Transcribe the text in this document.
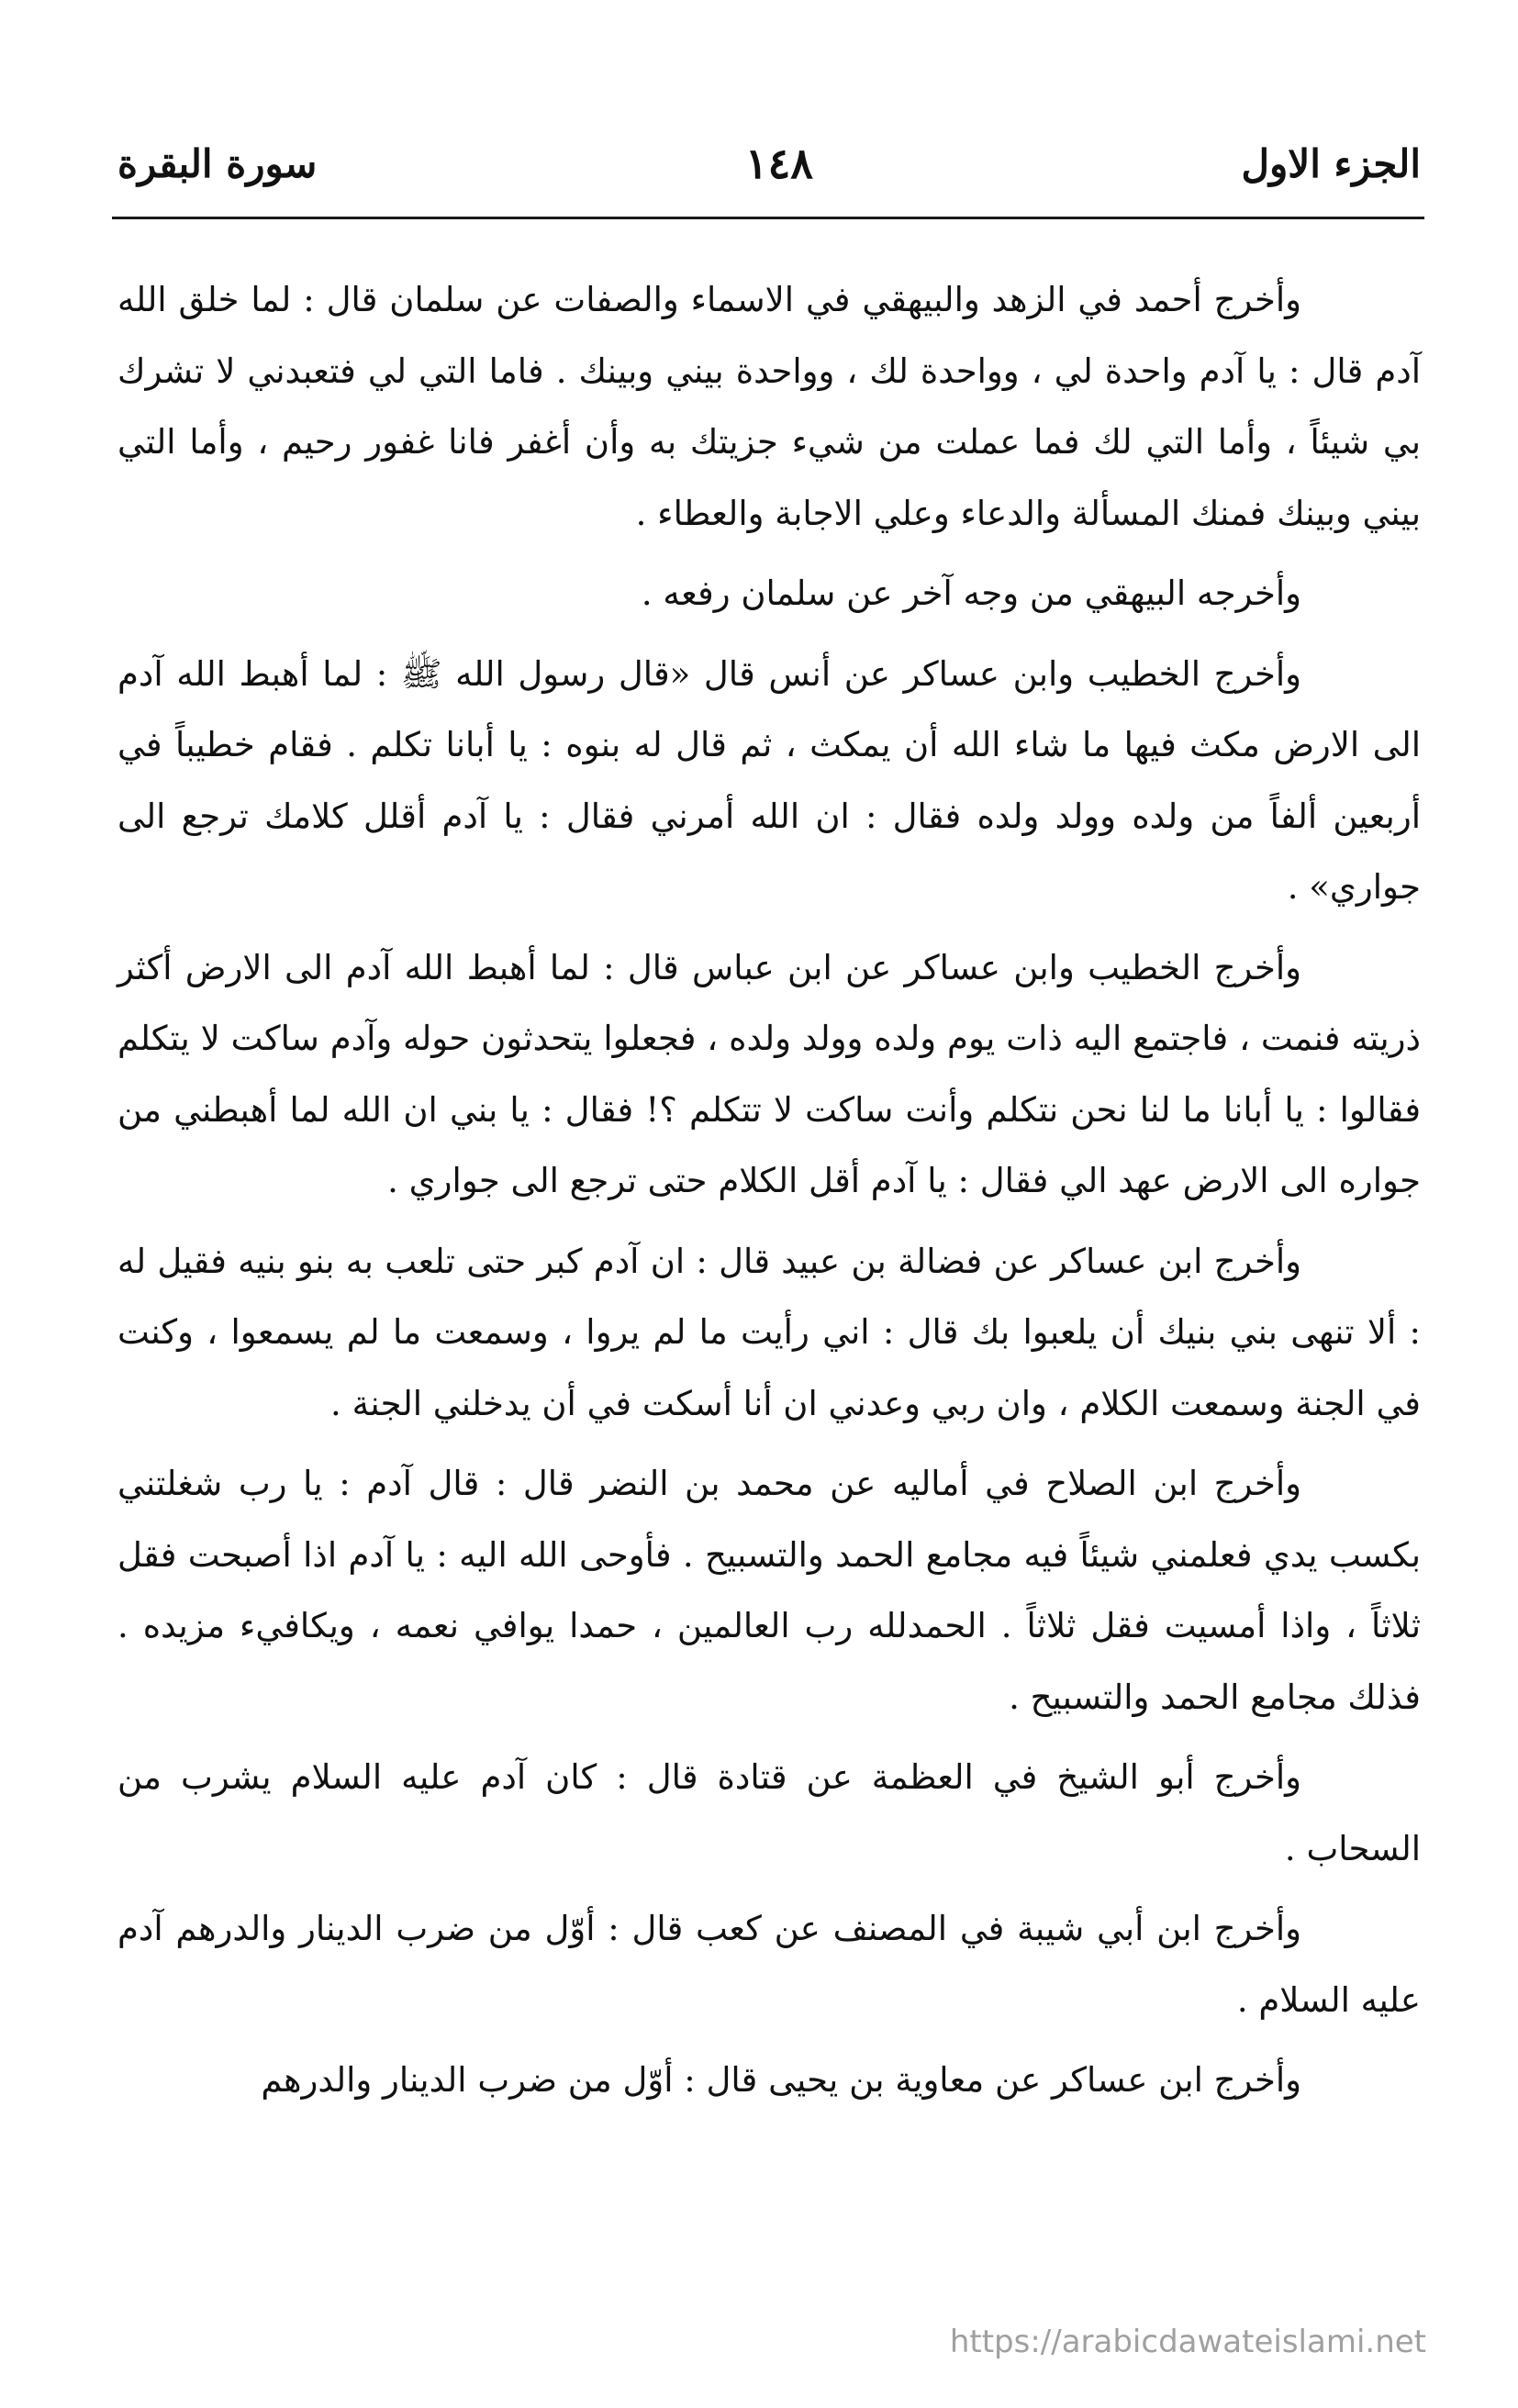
الجزء الاول
١٤٨
سورة البقرة

وأخرج أحمد في الزهد والبيهقي في الاسماء والصفات عن سلمان قال : لما خلق الله آدم قال : يا آدم واحدة لي ، وواحدة لك ، وواحدة بيني وبينك . فاما التي لي فتعبدني لا تشرك بي شيئاً ، وأما التي لك فما عملت من شيء جزيتك به وأن أغفر فانا غفور رحيم ، وأما التي بيني وبينك فمنك المسألة والدعاء وعلي الاجابة والعطاء .

وأخرجه البيهقي من وجه آخر عن سلمان رفعه .

وأخرج الخطيب وابن عساكر عن أنس قال «قال رسول الله ﷺ : لما أهبط الله آدم الى الارض مكث فيها ما شاء الله أن يمكث ، ثم قال له بنوه : يا أبانا تكلم . فقام خطيباً في أربعين ألفاً من ولده وولد ولده فقال : ان الله أمرني فقال : يا آدم أقلل كلامك ترجع الى جواري» .

وأخرج الخطيب وابن عساكر عن ابن عباس قال : لما أهبط الله آدم الى الارض أكثر ذريته فنمت ، فاجتمع اليه ذات يوم ولده وولد ولده ، فجعلوا يتحدثون حوله وآدم ساكت لا يتكلم فقالوا : يا أبانا ما لنا نحن نتكلم وأنت ساكت لا تتكلم ؟! فقال : يا بني ان الله لما أهبطني من جواره الى الارض عهد الي فقال : يا آدم أقل الكلام حتى ترجع الى جواري .

وأخرج ابن عساكر عن فضالة بن عبيد قال : ان آدم كبر حتى تلعب به بنو بنيه فقيل له : ألا تنهى بني بنيك أن يلعبوا بك قال : اني رأيت ما لم يروا ، وسمعت ما لم يسمعوا ، وكنت في الجنة وسمعت الكلام ، وان ربي وعدني ان أنا أسكت في أن يدخلني الجنة .

وأخرج ابن الصلاح في أماليه عن محمد بن النضر قال : قال آدم : يا رب شغلتني بكسب يدي فعلمني شيئاً فيه مجامع الحمد والتسبيح . فأوحى الله اليه : يا آدم اذا أصبحت فقل ثلاثاً ، واذا أمسيت فقل ثلاثاً . الحمدلله رب العالمين ، حمدا يوافي نعمه ، ويكافيء مزيده . فذلك مجامع الحمد والتسبيح .

وأخرج أبو الشيخ في العظمة عن قتادة قال : كان آدم عليه السلام يشرب من السحاب .

وأخرج ابن أبي شيبة في المصنف عن كعب قال : أوّل من ضرب الدينار والدرهم آدم عليه السلام .

وأخرج ابن عساكر عن معاوية بن يحيى قال : أوّل من ضرب الدينار والدرهم

https://arabicdawateislami.net
